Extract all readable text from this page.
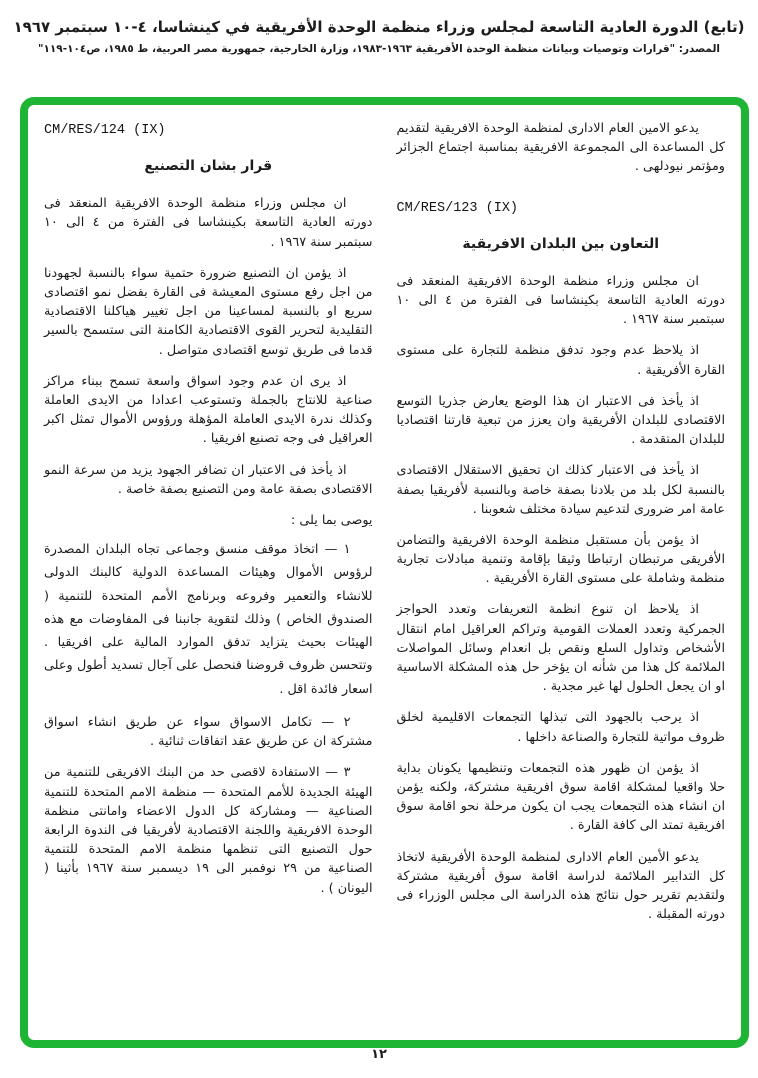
(تابع) الدورة العادية التاسعة لمجلس وزراء منظمة الوحدة الأفريقية في كينشاسا، ٤-١٠ سبتمبر ١٩٦٧
المصدر: "قرارات وتوصيات وبيانات منظمة الوحدة الأفريقية ١٩٦٣-١٩٨٣، وزارة الخارجية، جمهورية مصر العربية، ط ١٩٨٥، ص١٠٤-١١٩"

يدعو الامين العام الادارى لمنظمة الوحدة الافريقية لتقديم كل المساعدة الى المجموعة الافريقية بمناسبة اجتماع الجزائر ومؤتمر نيودلهى .

CM/RES/123 (IX)
التعاون بين البلدان الافريقية

ان مجلس وزراء منظمة الوحدة الافريقية المنعقد فى دورته العادية التاسعة بكينشاسا فى الفترة من ٤ الى ١٠ سبتمبر سنة ١٩٦٧ .

اذ يلاحظ عدم وجود تدفق منظمة للتجارة على مستوى القارة الأفريقية .

اذ يأخذ فى الاعتبار ان هذا الوضع يعارض جذريا التوسع الاقتصادى للبلدان الأفريقية وان يعزز من تبعية قارتنا اقتصاديا للبلدان المتقدمة .

اذ يأخذ فى الاعتبار كذلك ان تحقيق الاستقلال الاقتصادى بالنسبة لكل بلد من بلادنا بصفة خاصة وبالنسبة لأفريقيا بصفة عامة امر ضرورى لتدعيم سيادة مختلف شعوبنا .

اذ يؤمن بأن مستقبل منظمة الوحدة الافريقية والتضامن الأفريقى مرتبطان ارتباطا وثيقا بإقامة وتنمية مبادلات تجارية منظمة وشاملة على مستوى القارة الأفريقية .

اذ يلاحظ ان تنوع انظمة التعريفات وتعدد الحواجز الجمركية وتعدد العملات القومية وتراكم العراقيل امام انتقال الأشخاص وتداول السلع ونقص بل انعدام وسائل المواصلات الملائمة كل هذا من شأنه ان يؤخر حل هذه المشكلة الاساسية او ان يجعل الحلول لها غير مجدية .

اذ يرحب بالجهود التى تبذلها التجمعات الاقليمية لخلق ظروف مواتية للتجارة والصناعة داخلها .

اذ يؤمن ان ظهور هذه التجمعات وتنظيمها يكونان بداية حلا واقعيا لمشكلة اقامة سوق افريقية مشتركة، ولكنه يؤمن ان انشاء هذه التجمعات يجب ان يكون مرحلة نحو اقامة سوق افريقية تمتد الى كافة القارة .

يدعو الأمين العام الادارى لمنظمة الوحدة الأفريقية لاتخاذ كل التدابير الملائمة لدراسة اقامة سوق أفريقية مشتركة ولتقديم تقرير حول نتائج هذه الدراسة الى مجلس الوزراء فى دورته المقبلة .

CM/RES/124 (IX)
قرار بشان التصنيع

ان مجلس وزراء منظمة الوحدة الافريقية المنعقد فى دورته العادية التاسعة بكينشاسا فى الفترة من ٤ الى ١٠ سبتمبر سنة ١٩٦٧ .

اذ يؤمن ان التصنيع ضرورة حتمية سواء بالنسبة لجهودنا من اجل رفع مستوى المعيشة فى القارة بفضل نمو اقتصادى سريع او بالنسبة لمساعينا من اجل تغيير هياكلنا الاقتصادية التقليدية لتحرير القوى الاقتصادية الكامنة التى ستسمح بالسير قدما فى طريق توسع اقتصادى متواصل .

اذ يرى ان عدم وجود اسواق واسعة تسمح ببناء مراكز صناعية للانتاج بالجملة وتستوعب اعدادا من الايدى العاملة وكذلك ندرة الايدى العاملة المؤهلة ورؤوس الأموال تمثل اكبر العراقيل فى وجه تصنيع افريقيا .

اذ يأخذ فى الاعتبار ان تضافر الجهود يزيد من سرعة النمو الاقتصادى بصفة عامة ومن التصنيع بصفة خاصة .

يوصى بما يلى :

١ — اتخاذ موقف منسق وجماعى تجاه البلدان المصدرة لرؤوس الأموال وهيئات المساعدة الدولية كالبنك الدولى للانشاء والتعمير وفروعه وبرنامج الأمم المتحدة للتنمية ( الصندوق الخاص ) وذلك لتقوية جانبنا فى المفاوضات مع هذه الهيئات بحيث يتزايد تدفق الموارد المالية على افريقيا . وتتحسن ظروف قروضنا فنحصل على آجال تسديد أطول وعلى اسعار فائدة اقل .

٢ — تكامل الاسواق سواء عن طريق انشاء اسواق مشتركة ان عن طريق عقد اتفاقات ثنائية .

٣ — الاستفادة لاقصى حد من البنك الافريقى للتنمية من الهيئة الجديدة للأمم المتحدة — منظمة الامم المتحدة للتنمية الصناعية — ومشاركة كل الدول الاعضاء وامانتى منظمة الوحدة الافريقية واللجنة الاقتصادية لأفريقيا فى الندوة الرابعة حول التصنيع التى تنظمها منظمة الامم المتحدة للتنمية الصناعية من ٢٩ نوفمبر الى ١٩ ديسمبر سنة ١٩٦٧ بأثينا ( اليونان ) .

١٢
